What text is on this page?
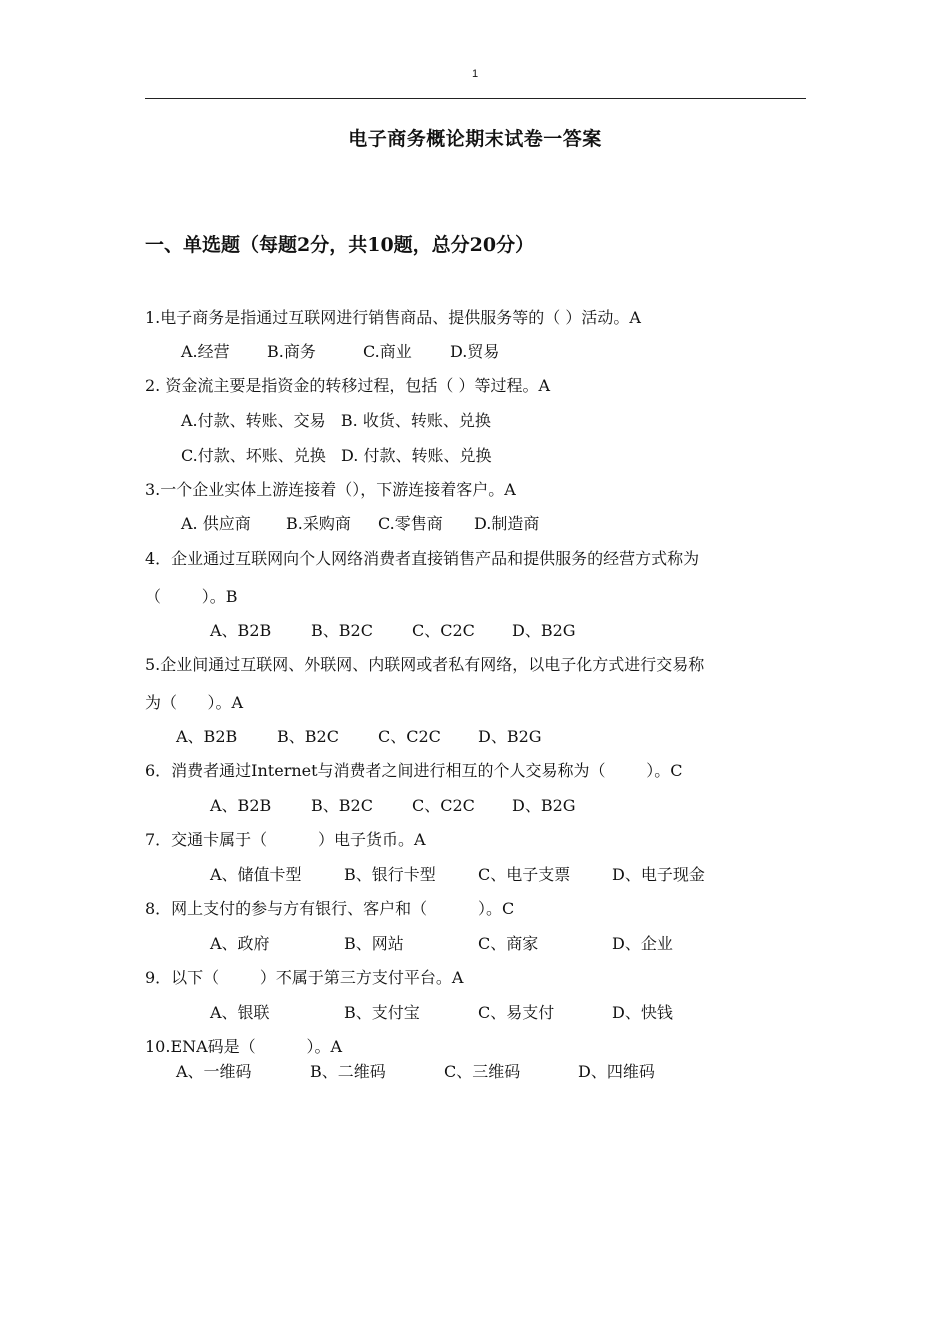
1
电子商务概论期末试卷一答案
一、单选题（每题2分，共10题，总分20分）
1.电子商务是指通过互联网进行销售商品、提供服务等的（ ）活动。A
A.经营	B.商务	C.商业	D.贸易
2. 资金流主要是指资金的转移过程，包括（ ）等过程。A
A.付款、转账、交易   B. 收货、转账、兑换
C.付款、坏账、兑换   D. 付款、转账、兑换
3.一个企业实体上游连接着（），下游连接着客户。A
A. 供应商	B.采购商	C.零售商	D.制造商
4．企业通过互联网向个人网络消费者直接销售产品和提供服务的经营方式称为
（        ）。B
A、B2B	B、B2C	C、C2C	D、B2G
5.企业间通过互联网、外联网、内联网或者私有网络，以电子化方式进行交易称
为（      ）。A
A、B2B	B、B2C	C、C2C	D、B2G
6．消费者通过Internet与消费者之间进行相互的个人交易称为（        ）。C
A、B2B	B、B2C	C、C2C	D、B2G
7．交通卡属于（          ）电子货币。A
A、储值卡型	B、银行卡型	C、电子支票	D、电子现金
8．网上支付的参与方有银行、客户和（          ）。C
A、政府	B、网站	C、商家	D、企业
9．以下（        ）不属于第三方支付平台。A
A、银联	B、支付宝	C、易支付	D、快钱
10.ENA码是（          ）。A
A、一维码	B、二维码	C、三维码	D、四维码
